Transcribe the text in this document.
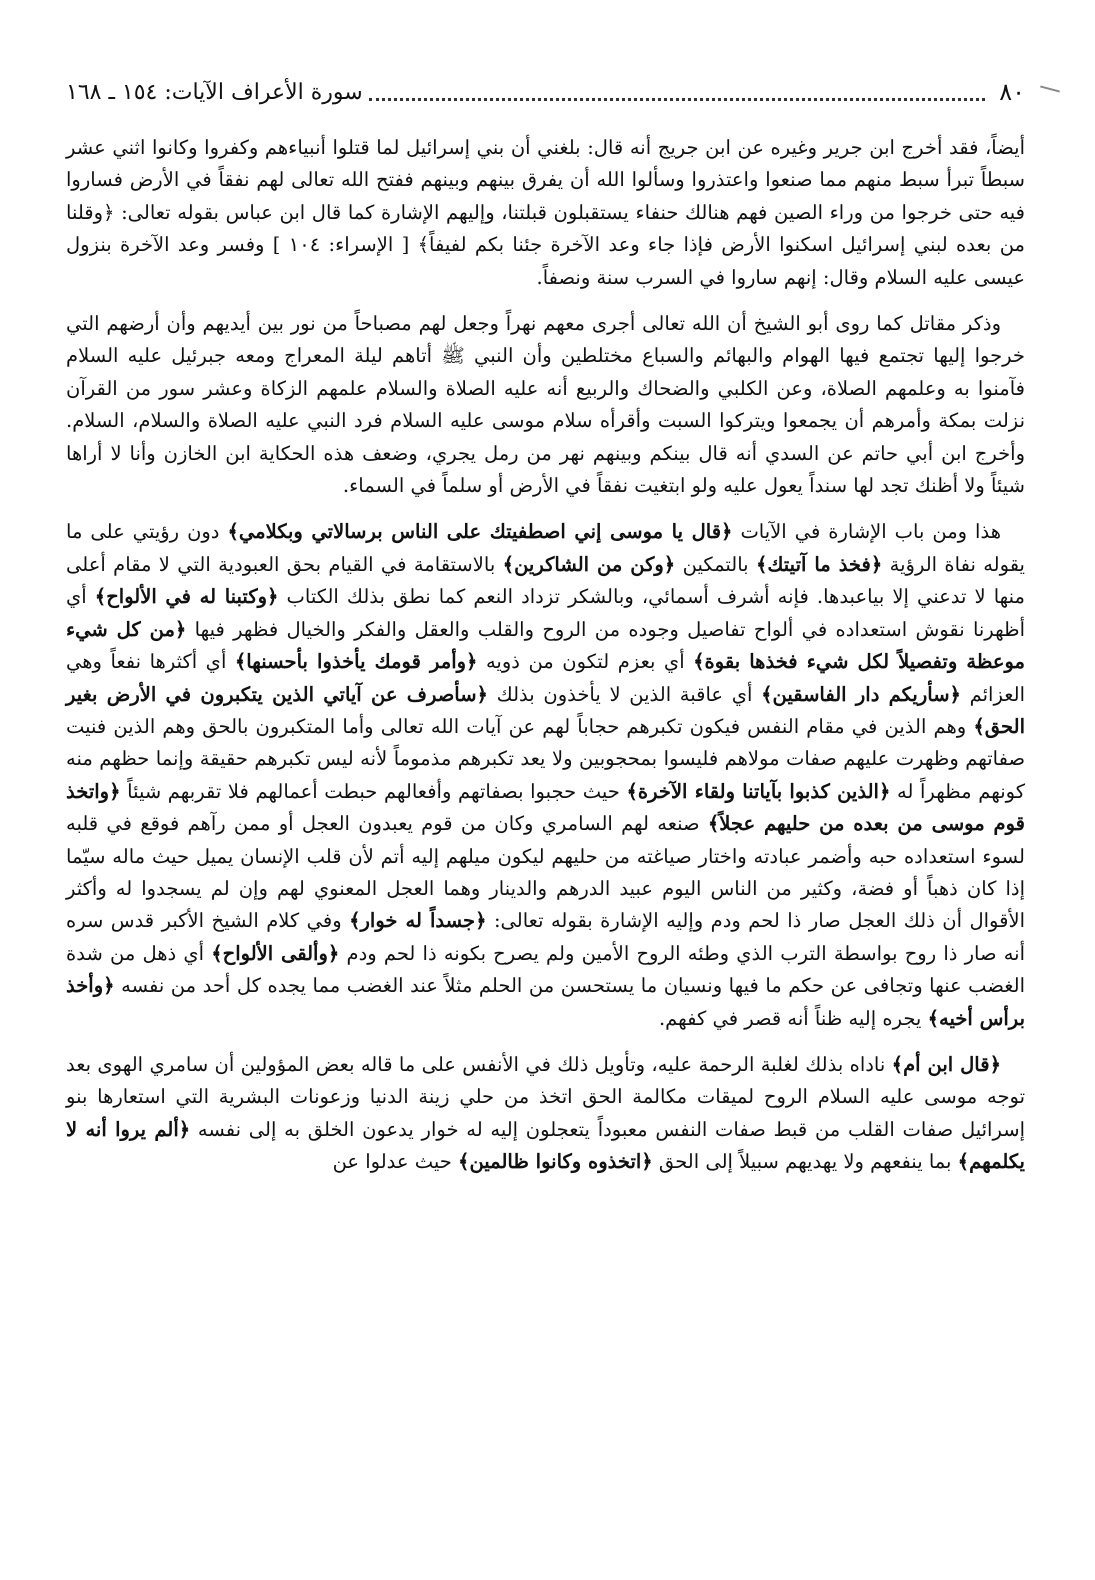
٨٠
سورة الأعراف الآيات: ١٥٤ ـ ١٦٨

أيضاً، فقد أخرج ابن جرير وغيره عن ابن جريج أنه قال: بلغني أن بني إسرائيل لما قتلوا أنبياءهم وكفروا وكانوا اثني عشر سبطاً تبرأ سبط منهم مما صنعوا واعتذروا وسألوا الله أن يفرق بينهم وبينهم ففتح الله تعالى لهم نفقاً في الأرض فساروا فيه حتى خرجوا من وراء الصين فهم هنالك حنفاء يستقبلون قبلتنا، وإليهم الإشارة كما قال ابن عباس بقوله تعالى: ﴿وقلنا من بعده لبني إسرائيل اسكنوا الأرض فإذا جاء وعد الآخرة جئنا بكم لفيفاً﴾ [ الإسراء: ١٠٤ ] وفسر وعد الآخرة بنزول عيسى عليه السلام وقال: إنهم ساروا في السرب سنة ونصفاً.

وذكر مقاتل كما روى أبو الشيخ أن الله تعالى أجرى معهم نهراً وجعل لهم مصباحاً من نور بين أيديهم وأن أرضهم التي خرجوا إليها تجتمع فيها الهوام والبهائم والسباع مختلطين وأن النبي ﷺ أتاهم ليلة المعراج ومعه جبرئيل عليه السلام فآمنوا به وعلمهم الصلاة، وعن الكلبي والضحاك والربيع أنه عليه الصلاة والسلام علمهم الزكاة وعشر سور من القرآن نزلت بمكة وأمرهم أن يجمعوا ويتركوا السبت وأقرأه سلام موسى عليه السلام فرد النبي عليه الصلاة والسلام، السلام. وأخرج ابن أبي حاتم عن السدي أنه قال بينكم وبينهم نهر من رمل يجري، وضعف هذه الحكاية ابن الخازن وأنا لا أراها شيئاً ولا أظنك تجد لها سنداً يعول عليه ولو ابتغيت نفقاً في الأرض أو سلماً في السماء.

هذا ومن باب الإشارة في الآيات ﴿قال يا موسى إني اصطفيتك على الناس برسالاتي وبكلامي﴾ دون رؤيتي على ما يقوله نفاة الرؤية ﴿فخذ ما آتيتك﴾ بالتمكين ﴿وكن من الشاكرين﴾ بالاستقامة في القيام بحق العبودية التي لا مقام أعلى منها لا تدعني إلا بياعبدها. فإنه أشرف أسمائي، وبالشكر تزداد النعم كما نطق بذلك الكتاب ﴿وكتبنا له في الألواح﴾ أي أظهرنا نقوش استعداده في ألواح تفاصيل وجوده من الروح والقلب والعقل والفكر والخيال فظهر فيها ﴿من كل شيء موعظة وتفصيلاً لكل شيء فخذها بقوة﴾ أي بعزم لتكون من ذويه ﴿وأمر قومك يأخذوا بأحسنها﴾ أي أكثرها نفعاً وهي العزائم ﴿سأريكم دار الفاسقين﴾ أي عاقبة الذين لا يأخذون بذلك ﴿سأصرف عن آياتي الذين يتكبرون في الأرض بغير الحق﴾ وهم الذين في مقام النفس فيكون تكبرهم حجاباً لهم عن آيات الله تعالى وأما المتكبرون بالحق وهم الذين فنيت صفاتهم وظهرت عليهم صفات مولاهم فليسوا بمحجوبين ولا يعد تكبرهم مذموماً لأنه ليس تكبرهم حقيقة وإنما حظهم منه كونهم مظهراً له ﴿الذين كذبوا بآياتنا ولقاء الآخرة﴾ حيث حجبوا بصفاتهم وأفعالهم حبطت أعمالهم فلا تقربهم شيئاً ﴿واتخذ قوم موسى من بعده من حليهم عجلاً﴾ صنعه لهم السامري وكان من قوم يعبدون العجل أو ممن رآهم فوقع في قلبه لسوء استعداده حبه وأضمر عبادته واختار صياغته من حليهم ليكون ميلهم إليه أتم لأن قلب الإنسان يميل حيث ماله سيّما إذا كان ذهباً أو فضة، وكثير من الناس اليوم عبيد الدرهم والدينار وهما العجل المعنوي لهم وإن لم يسجدوا له وأكثر الأقوال أن ذلك العجل صار ذا لحم ودم وإليه الإشارة بقوله تعالى: ﴿جسداً له خوار﴾ وفي كلام الشيخ الأكبر قدس سره أنه صار ذا روح بواسطة الترب الذي وطئه الروح الأمين ولم يصرح بكونه ذا لحم ودم ﴿وألقى الألواح﴾ أي ذهل من شدة الغضب عنها وتجافى عن حكم ما فيها ونسيان ما يستحسن من الحلم مثلاً عند الغضب مما يجده كل أحد من نفسه ﴿وأخذ برأس أخيه﴾ يجره إليه ظناً أنه قصر في كفهم.

﴿قال ابن أم﴾ ناداه بذلك لغلبة الرحمة عليه، وتأويل ذلك في الأنفس على ما قاله بعض المؤولين أن سامري الهوى بعد توجه موسى عليه السلام الروح لميقات مكالمة الحق اتخذ من حلي زينة الدنيا وزعونات البشرية التي استعارها بنو إسرائيل صفات القلب من قبط صفات النفس معبوداً يتعجلون إليه له خوار يدعون الخلق به إلى نفسه ﴿ألم يروا أنه لا يكلمهم﴾ بما ينفعهم ولا يهديهم سبيلاً إلى الحق ﴿اتخذوه وكانوا ظالمين﴾ حيث عدلوا عن
